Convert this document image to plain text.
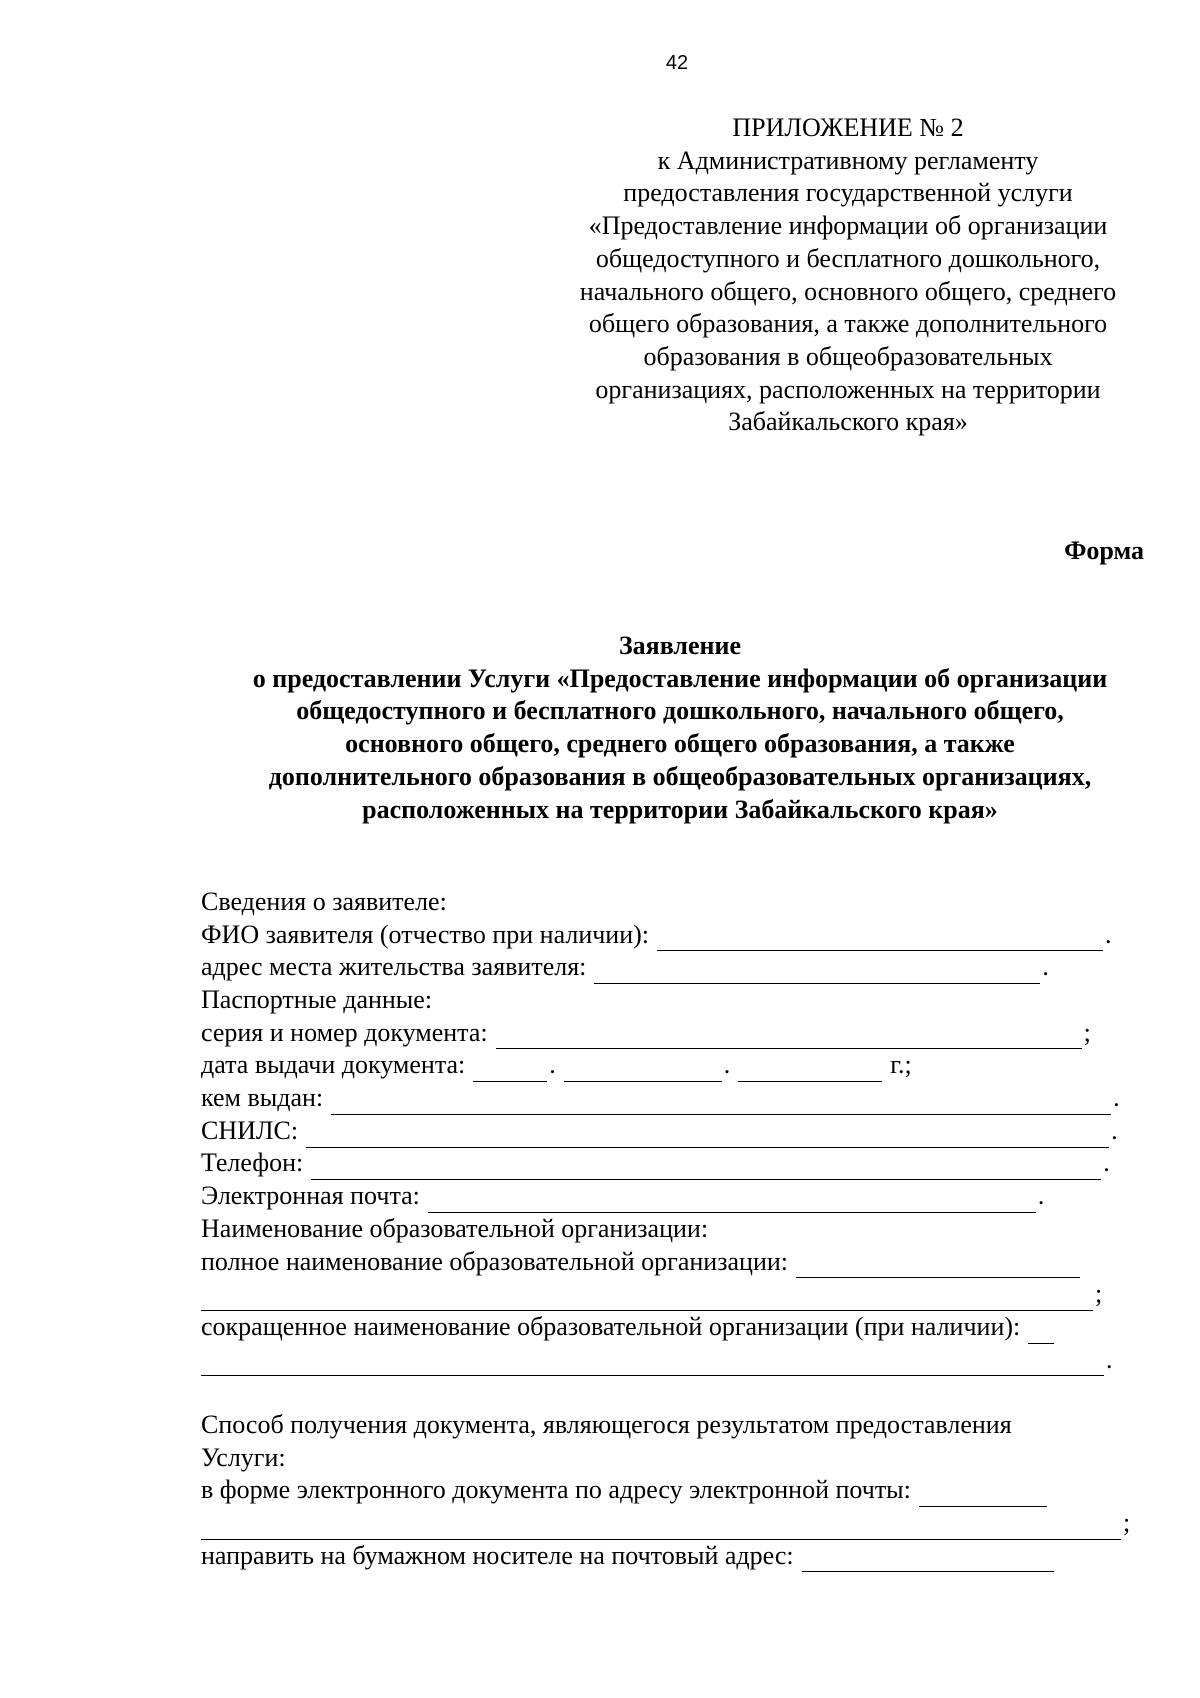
42
ПРИЛОЖЕНИЕ № 2
к Административному регламенту
предоставления государственной услуги
«Предоставление информации об организации
общедоступного и бесплатного дошкольного,
начального общего, основного общего, среднего
общего образования, а также дополнительного
образования в общеобразовательных
организациях, расположенных на территории
Забайкальского края»
Форма
Заявление
о предоставлении Услуги «Предоставление информации об организации
общедоступного и бесплатного дошкольного, начального общего,
основного общего, среднего общего образования, а также
дополнительного образования в общеобразовательных организациях,
расположенных на территории Забайкальского края»
Сведения о заявителе:
ФИО заявителя (отчество при наличии):	.
адрес места жительства заявителя:	.
Паспортные данные:
серия и номер документа:	;
дата выдачи документа:	.	.	г.;
кем выдан:	.
СНИЛС:	.
Телефон:	.
Электронная почта:	.
Наименование образовательной организации:
полное наименование образовательной организации:
;
сокращенное наименование образовательной организации (при наличии):
.
Способ получения документа, являющегося результатом предоставления
Услуги:
в форме электронного документа по адресу электронной почты:
;
направить на бумажном носителе на почтовый адрес:
